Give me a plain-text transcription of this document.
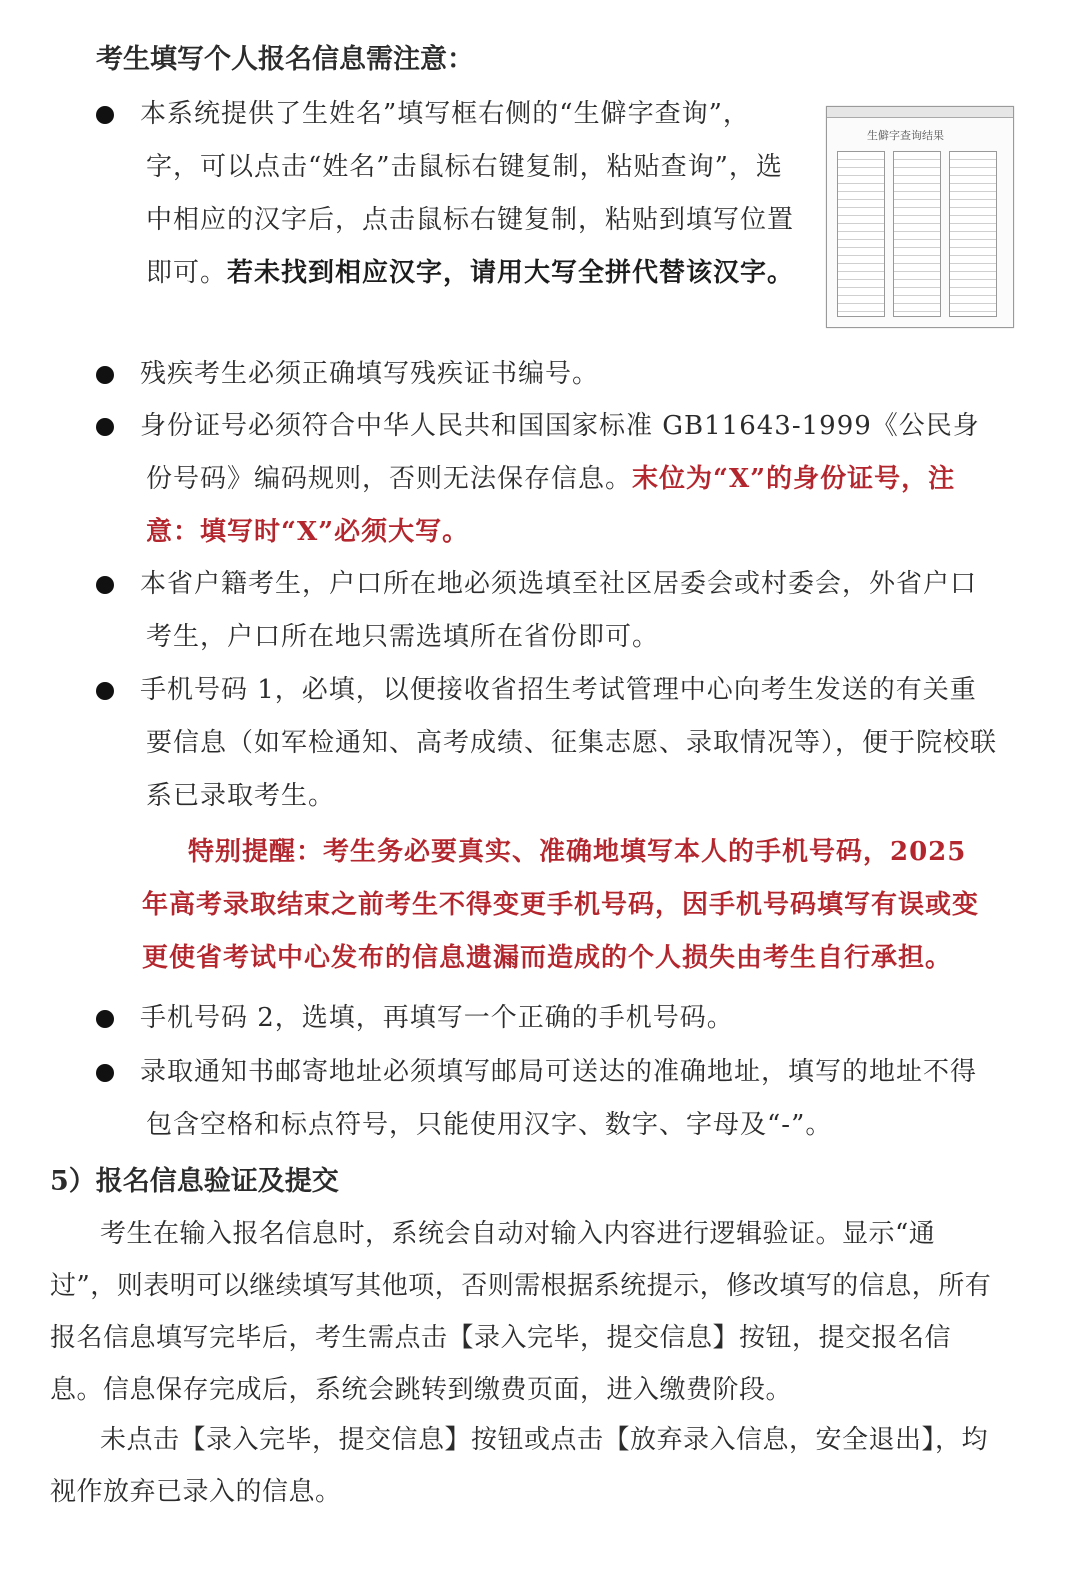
考生填写个人报名信息需注意：

本系统提供了生姓名”填写框右侧的“生僻字查询”，字，可以点击“姓名”击鼠标右键复制，粘贴查询”，选中相应的汉字后，点击鼠标右键复制，粘贴到填写位置即可。若未找到相应汉字，请用大写全拼代替该汉字。

生僻字查询结果

残疾考生必须正确填写残疾证书编号。

身份证号必须符合中华人民共和国国家标准 GB11643-1999《公民身份号码》编码规则，否则无法保存信息。末位为“X”的身份证号，注意：填写时“X”必须大写。

本省户籍考生，户口所在地必须选填至社区居委会或村委会，外省户口考生，户口所在地只需选填所在省份即可。

手机号码 1，必填，以便接收省招生考试管理中心向考生发送的有关重要信息（如军检通知、高考成绩、征集志愿、录取情况等），便于院校联系已录取考生。

特别提醒：考生务必要真实、准确地填写本人的手机号码，2025 年高考录取结束之前考生不得变更手机号码，因手机号码填写有误或变更使省考试中心发布的信息遗漏而造成的个人损失由考生自行承担。

手机号码 2，选填，再填写一个正确的手机号码。

录取通知书邮寄地址必须填写邮局可送达的准确地址，填写的地址不得包含空格和标点符号，只能使用汉字、数字、字母及“-”。

5）报名信息验证及提交

考生在输入报名信息时，系统会自动对输入内容进行逻辑验证。显示“通过”，则表明可以继续填写其他项，否则需根据系统提示，修改填写的信息，所有报名信息填写完毕后，考生需点击【录入完毕，提交信息】按钮，提交报名信息。信息保存完成后，系统会跳转到缴费页面，进入缴费阶段。

未点击【录入完毕，提交信息】按钮或点击【放弃录入信息，安全退出】，均视作放弃已录入的信息。
